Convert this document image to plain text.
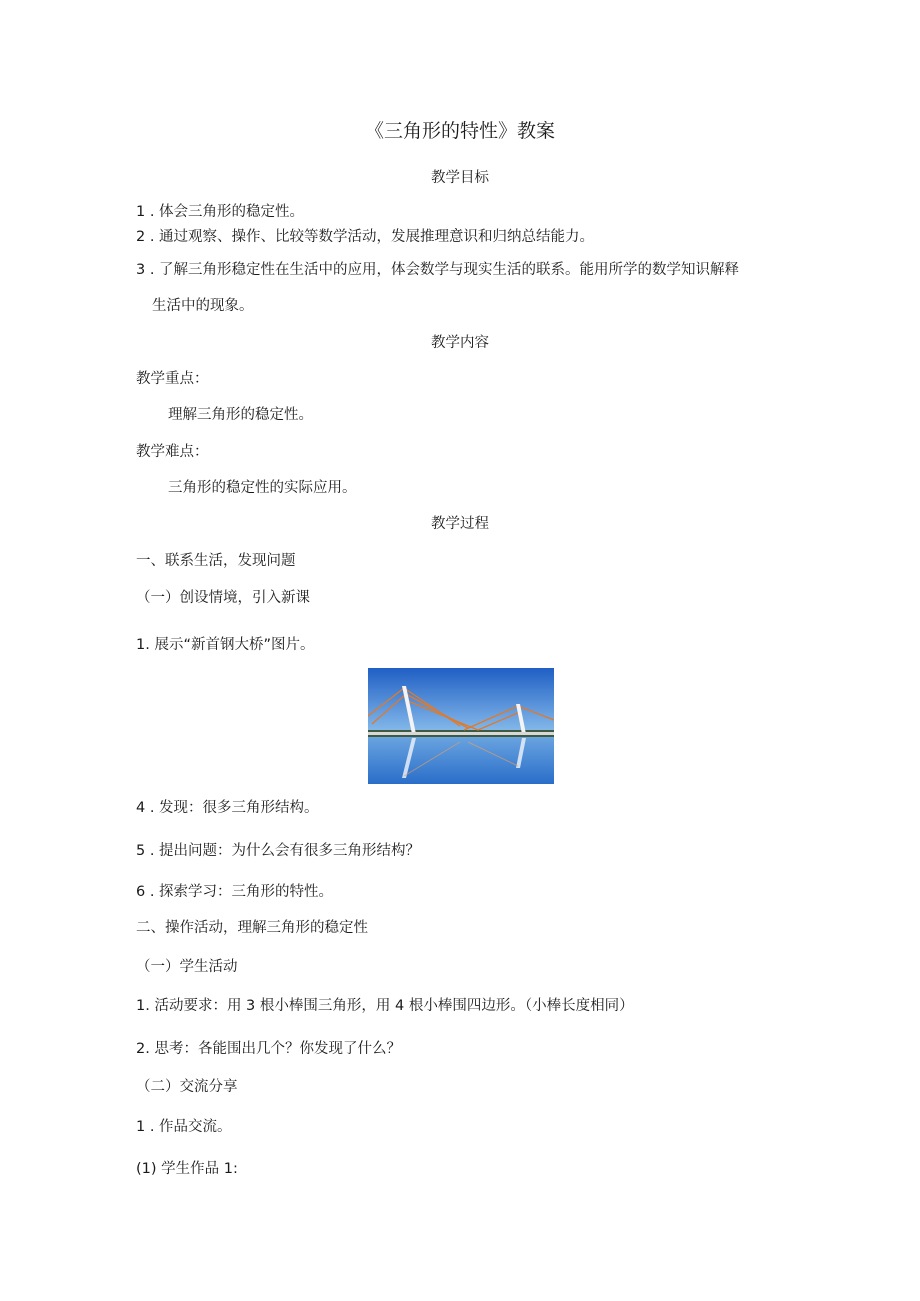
《三角形的特性》教案
教学目标
1 . 体会三角形的稳定性。
2 . 通过观察、操作、比较等数学活动，发展推理意识和归纳总结能力。
3 . 了解三角形稳定性在生活中的应用，体会数学与现实生活的联系。能用所学的数学知识解释
生活中的现象。
教学内容
教学重点：
理解三角形的稳定性。
教学难点：
三角形的稳定性的实际应用。
教学过程
一、联系生活，发现问题
（一）创设情境，引入新课
1. 展示“新首钢大桥”图片。
4 . 发现：很多三角形结构。
5 . 提出问题：为什么会有很多三角形结构？
6 . 探索学习：三角形的特性。
二、操作活动，理解三角形的稳定性
（一）学生活动
1. 活动要求：用 3 根小棒围三角形，用 4 根小棒围四边形。（小棒长度相同）
2. 思考：各能围出几个？你发现了什么？
（二）交流分享
1 . 作品交流。
(1) 学生作品 1:
